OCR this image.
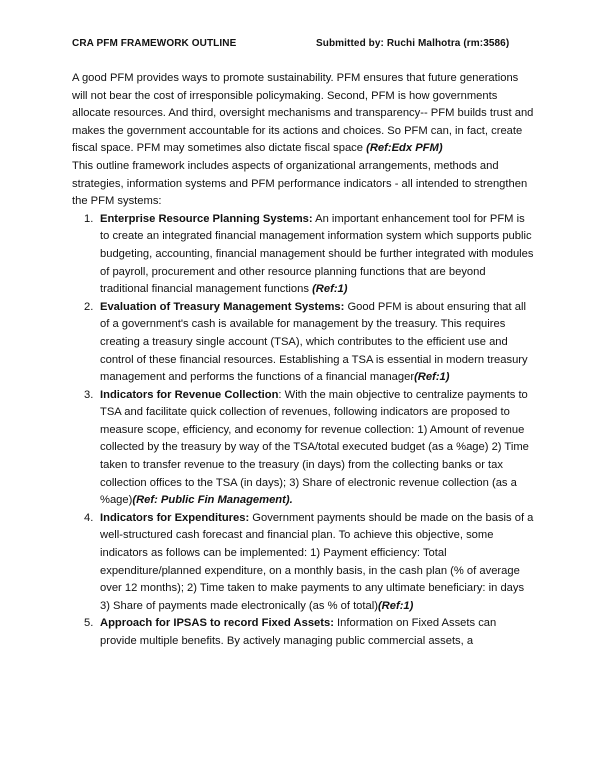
CRA PFM FRAMEWORK OUTLINE	Submitted by: Ruchi Malhotra (rm:3586)

A good PFM provides ways to promote sustainability. PFM ensures that future generations will not bear the cost of irresponsible policymaking. Second, PFM is how governments allocate resources. And third, oversight mechanisms and transparency-- PFM builds trust and makes the government accountable for its actions and choices. So PFM can, in fact, create fiscal space. PFM may sometimes also dictate fiscal space (Ref:Edx PFM)

This outline framework includes aspects of organizational arrangements, methods and strategies, information systems and PFM performance indicators - all intended to strengthen the PFM systems:

1. Enterprise Resource Planning Systems: An important enhancement tool for PFM is to create an integrated financial management information system which supports public budgeting, accounting, financial management should be further integrated with modules of payroll, procurement and other resource planning functions that are beyond traditional financial management functions (Ref:1)
2. Evaluation of Treasury Management Systems: Good PFM is about ensuring that all of a government's cash is available for management by the treasury. This requires creating a treasury single account (TSA), which contributes to the efficient use and control of these financial resources. Establishing a TSA is essential in modern treasury management and performs the functions of a financial manager(Ref:1)
3. Indicators for Revenue Collection: With the main objective to centralize payments to TSA and facilitate quick collection of revenues, following indicators are proposed to measure scope, efficiency, and economy for revenue collection: 1) Amount of revenue collected by the treasury by way of the TSA/total executed budget (as a %age) 2) Time taken to transfer revenue to the treasury (in days) from the collecting banks or tax collection offices to the TSA (in days); 3) Share of electronic revenue collection (as a %age)(Ref: Public Fin Management).
4. Indicators for Expenditures: Government payments should be made on the basis of a well-structured cash forecast and financial plan. To achieve this objective, some indicators as follows can be implemented: 1) Payment efficiency: Total expenditure/planned expenditure, on a monthly basis, in the cash plan (% of average over 12 months); 2) Time taken to make payments to any ultimate beneficiary: in days 3) Share of payments made electronically (as % of total)(Ref:1)
5. Approach for IPSAS to record Fixed Assets: Information on Fixed Assets can provide multiple benefits. By actively managing public commercial assets, a
